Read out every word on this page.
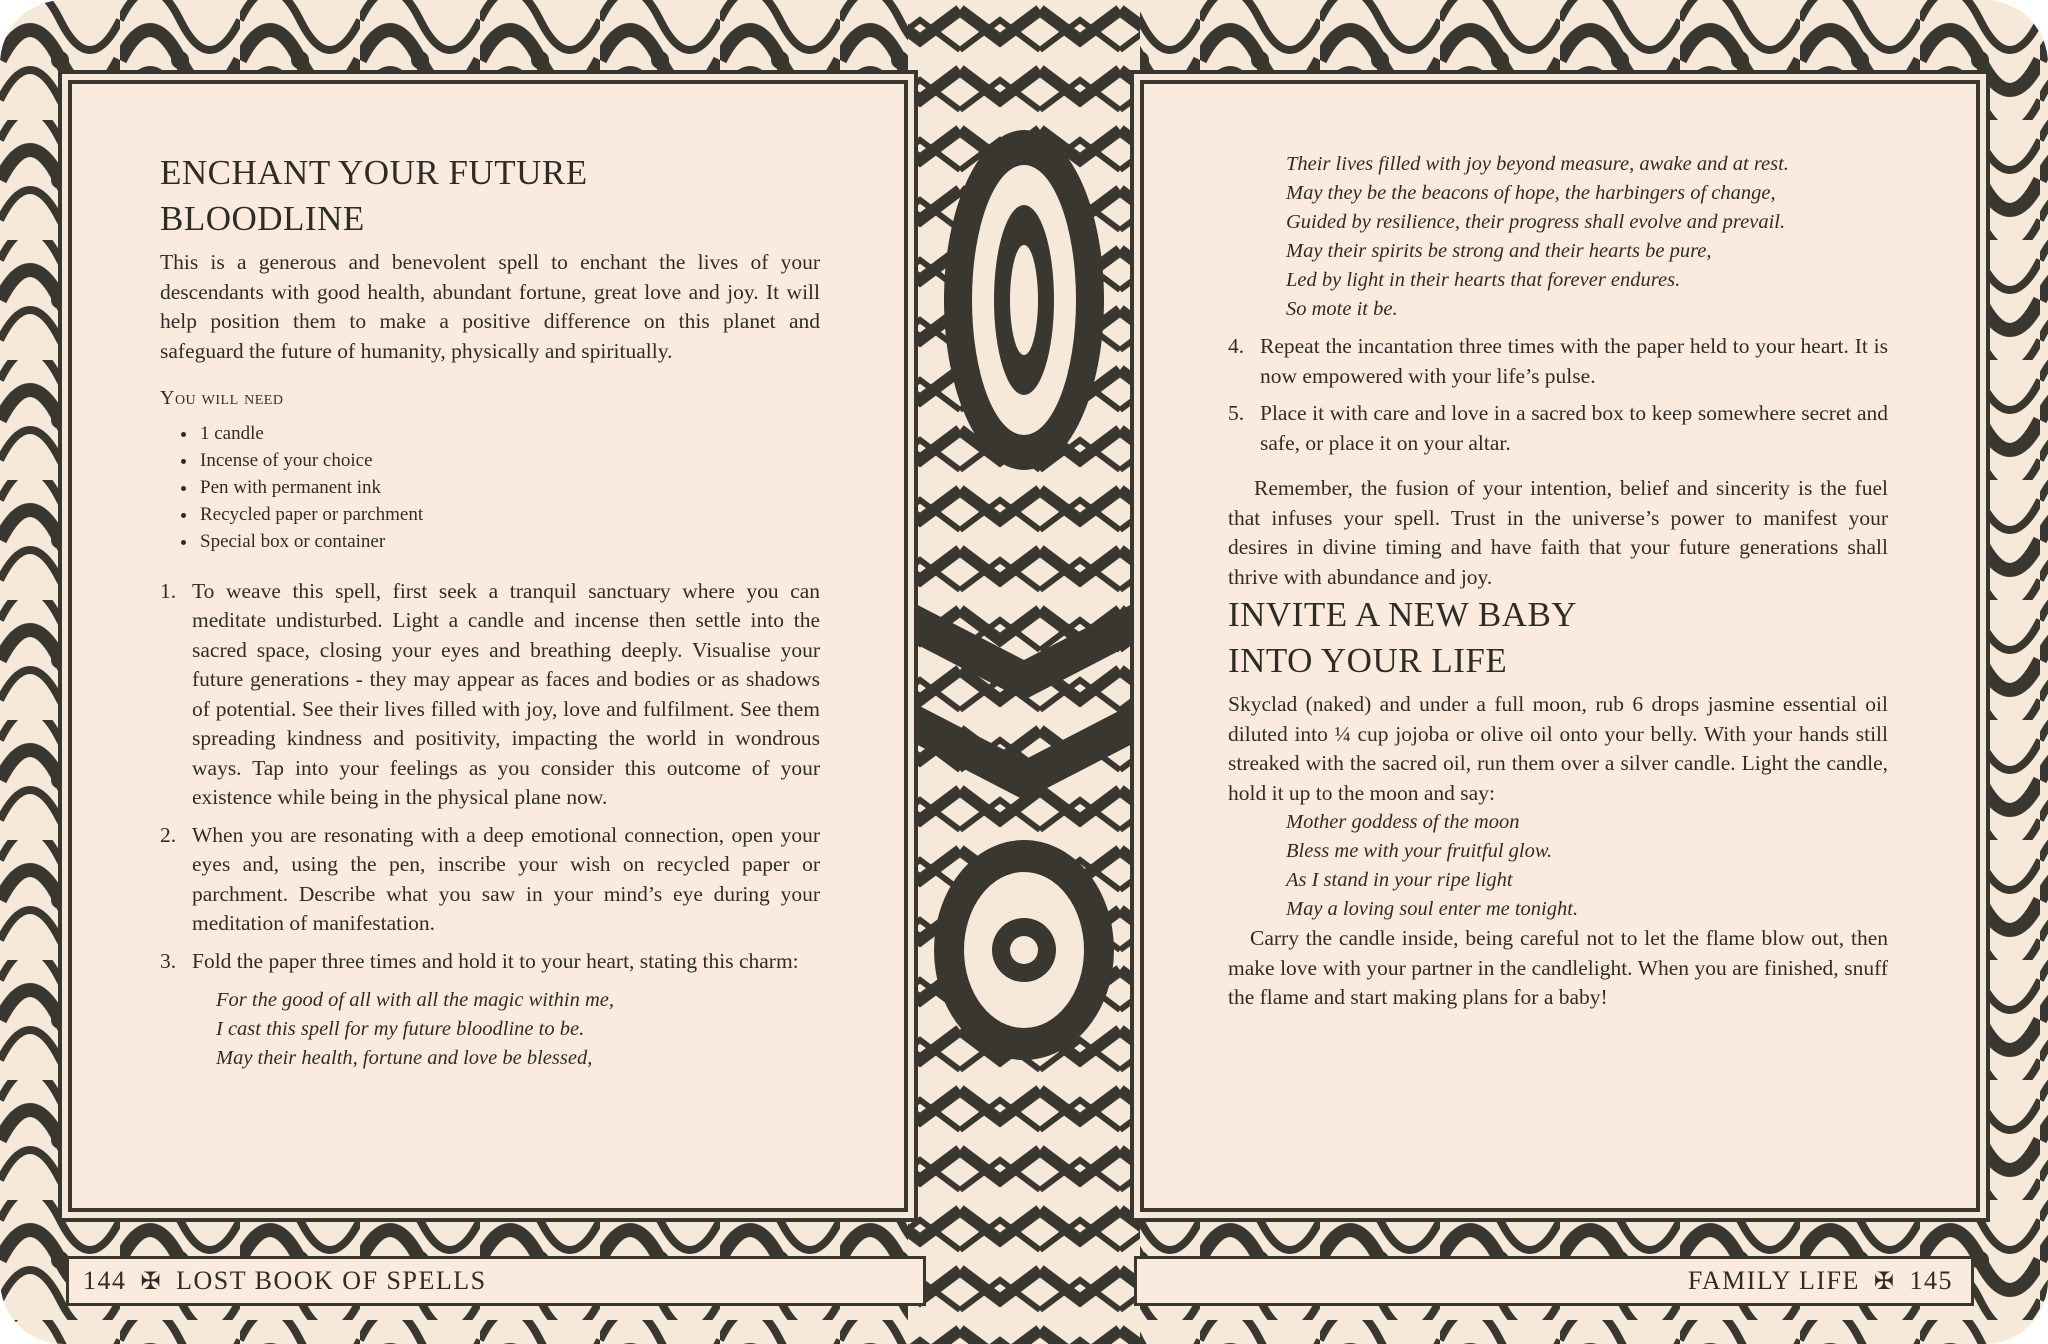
ENCHANT YOUR FUTURE
BLOODLINE

This is a generous and benevolent spell to enchant the lives of your descendants with good health, abundant fortune, great love and joy. It will help position them to make a positive difference on this planet and safeguard the future of humanity, physically and spiritually.

You will need
• 1 candle
• Incense of your choice
• Pen with permanent ink
• Recycled paper or parchment
• Special box or container
1. To weave this spell, first seek a tranquil sanctuary where you can meditate undisturbed. Light a candle and incense then settle into the sacred space, closing your eyes and breathing deeply. Visualise your future generations - they may appear as faces and bodies or as shadows of potential. See their lives filled with joy, love and fulfilment. See them spreading kindness and positivity, impacting the world in wondrous ways. Tap into your feelings as you consider this outcome of your existence while being in the physical plane now.
2. When you are resonating with a deep emotional connection, open your eyes and, using the pen, inscribe your wish on recycled paper or parchment. Describe what you saw in your mind’s eye during your meditation of manifestation.
3. Fold the paper three times and hold it to your heart, stating this charm:
For the good of all with all the magic within me,
I cast this spell for my future bloodline to be.
May their health, fortune and love be blessed,
Their lives filled with joy beyond measure, awake and at rest.
May they be the beacons of hope, the harbingers of change,
Guided by resilience, their progress shall evolve and prevail.
May their spirits be strong and their hearts be pure,
Led by light in their hearts that forever endures.
So mote it be.
4. Repeat the incantation three times with the paper held to your heart. It is now empowered with your life’s pulse.
5. Place it with care and love in a sacred box to keep somewhere secret and safe, or place it on your altar.

Remember, the fusion of your intention, belief and sincerity is the fuel that infuses your spell. Trust in the universe’s power to manifest your desires in divine timing and have faith that your future generations shall thrive with abundance and joy.

INVITE A NEW BABY
INTO YOUR LIFE

Skyclad (naked) and under a full moon, rub 6 drops jasmine essential oil diluted into ¼ cup jojoba or olive oil onto your belly. With your hands still streaked with the sacred oil, run them over a silver candle. Light the candle, hold it up to the moon and say:

Mother goddess of the moon
Bless me with your fruitful glow.
As I stand in your ripe light
May a loving soul enter me tonight.

Carry the candle inside, being careful not to let the flame blow out, then make love with your partner in the candlelight. When you are finished, snuff the flame and start making plans for a baby!

144 ✠ LOST BOOK OF SPELLS	FAMILY LIFE ✠ 145
